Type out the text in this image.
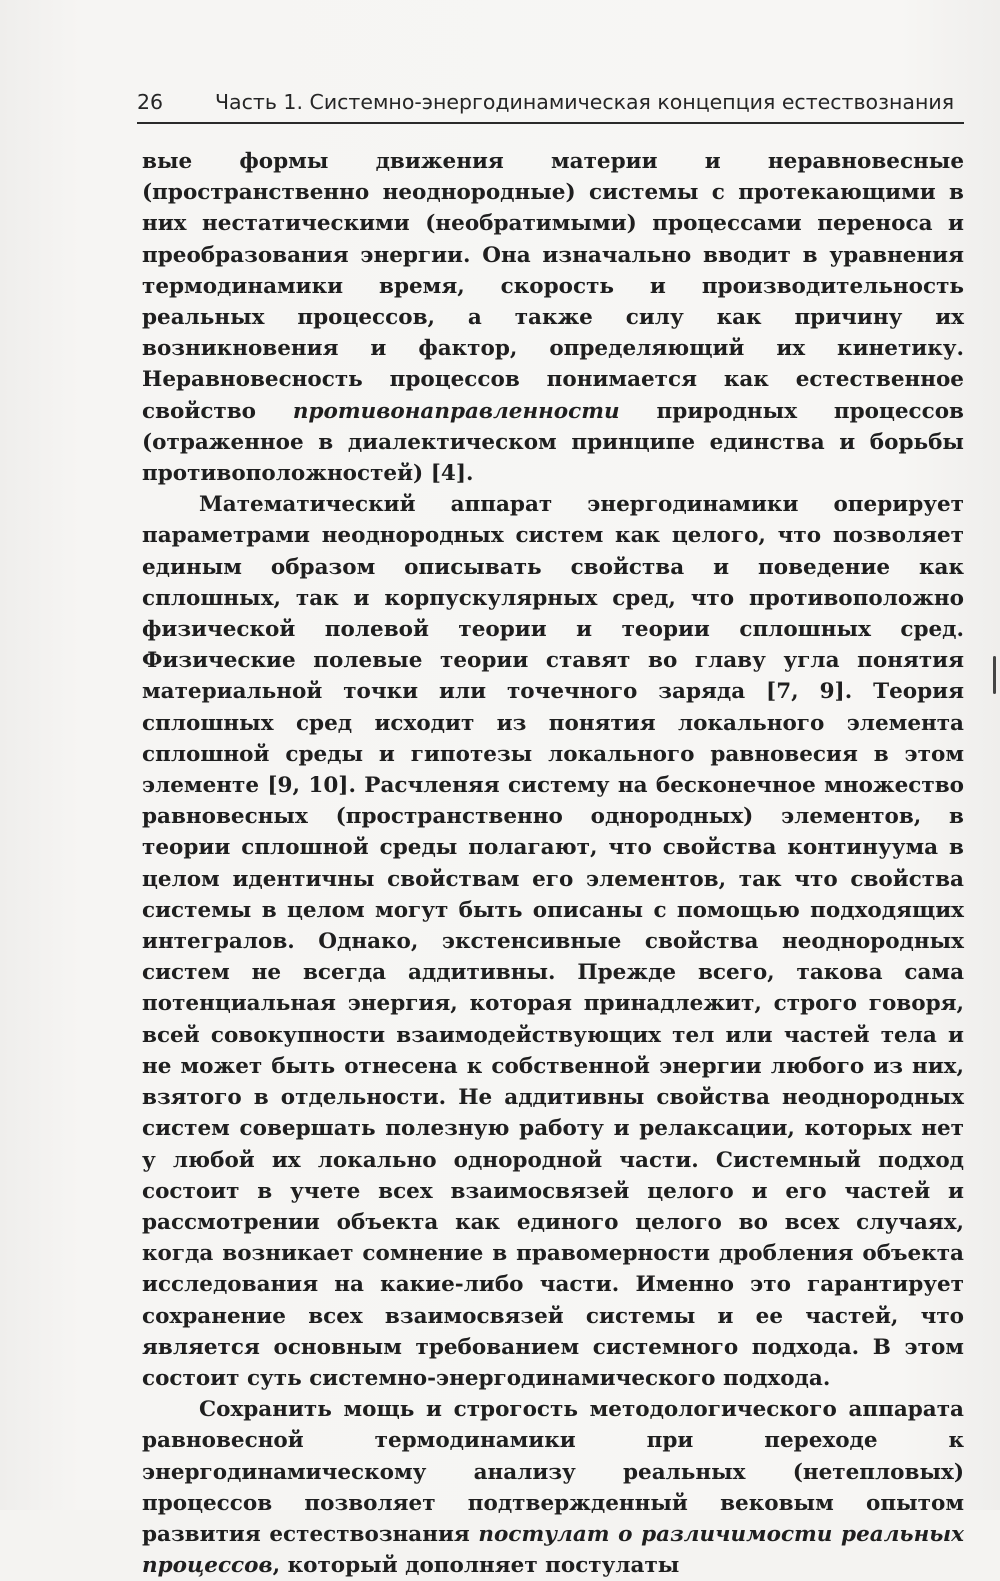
26	Часть 1. Системно-энергодинамическая концепция естествознания

вые формы движения материи и неравновесные (пространственно неоднородные) системы с протекающими в них нестатическими (необратимыми) процессами переноса и преобразования энергии. Она изначально вводит в уравнения термодинамики время, скорость и производительность реальных процессов, а также силу как причину их возникновения и фактор, определяющий их кинетику. Неравновесность процессов понимается как естественное свойство противонаправленности природных процессов (отраженное в диалектическом принципе единства и борьбы противоположностей) [4].

Математический аппарат энергодинамики оперирует параметрами неоднородных систем как целого, что позволяет единым образом описывать свойства и поведение как сплошных, так и корпускулярных сред, что противоположно физической полевой теории и теории сплошных сред. Физические полевые теории ставят во главу угла понятия материальной точки или точечного заряда [7, 9]. Теория сплошных сред исходит из понятия локального элемента сплошной среды и гипотезы локального равновесия в этом элементе [9, 10]. Расчленяя систему на бесконечное множество равновесных (пространственно однородных) элементов, в теории сплошной среды полагают, что свойства континуума в целом идентичны свойствам его элементов, так что свойства системы в целом могут быть описаны с помощью подходящих интегралов. Однако, экстенсивные свойства неоднородных систем не всегда аддитивны. Прежде всего, такова сама потенциальная энергия, которая принадлежит, строго говоря, всей совокупности взаимодействующих тел или частей тела и не может быть отнесена к собственной энергии любого из них, взятого в отдельности. Не аддитивны свойства неоднородных систем совершать полезную работу и релаксации, которых нет у любой их локально однородной части. Системный подход состоит в учете всех взаимосвязей целого и его частей и рассмотрении объекта как единого целого во всех случаях, когда возникает сомнение в правомерности дробления объекта исследования на какие-либо части. Именно это гарантирует сохранение всех взаимосвязей системы и ее частей, что является основным требованием системного подхода. В этом состоит суть системно-энергодинамического подхода.

Сохранить мощь и строгость методологического аппарата равновесной термодинамики при переходе к энергодинамическому анализу реальных (нетепловых) процессов позволяет подтвержденный вековым опытом развития естествознания постулат о различимости реальных процессов, который дополняет постулаты
